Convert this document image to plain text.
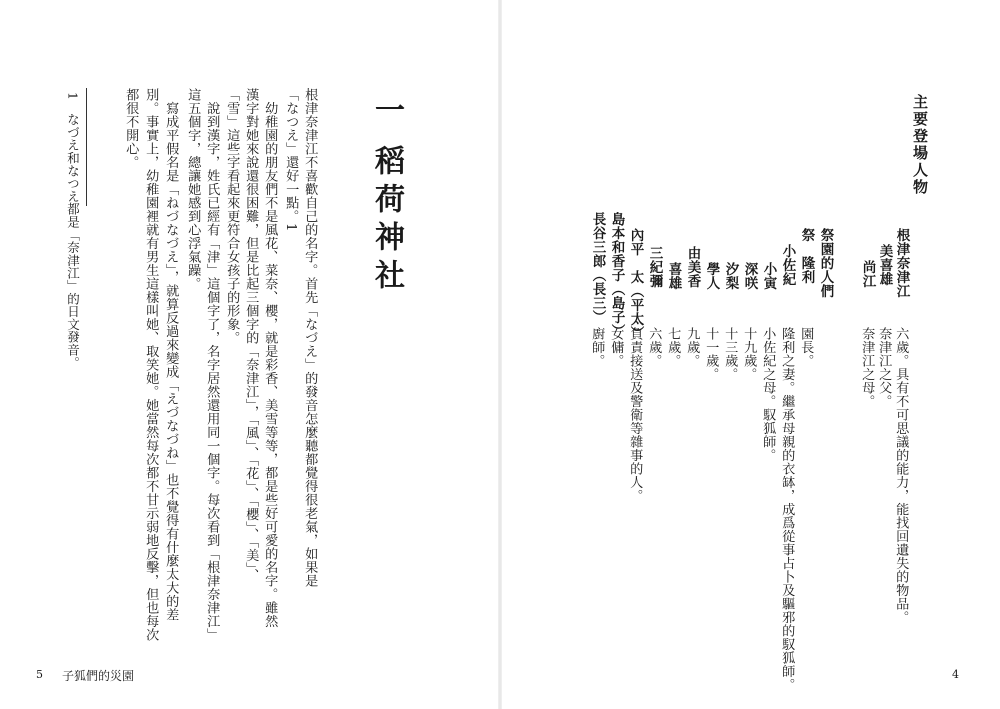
主要登場人物
根津奈津江
美喜雄
尚江
祭園的人們
祭　隆利
小佐紀
小寅
深咲
汐梨
學人
由美香
喜雄
三紀彌
內平　太（平太）
島本和香子（島子）
長谷三郎（長三）
六歲。具有不可思議的能力，能找回遺失的物品。
奈津江之父。
奈津江之母。
園長。
隆利之妻。繼承母親的衣缽，成爲從事占卜及驅邪的馭狐師。
小佐紀之母。馭狐師。
十九歲。
十三歲。
十一歲。
九歲。
七歲。
六歲。
負責接送及警衛等雜事的人。
女傭。
廚師。
4
一
稻荷神社
根津奈津江不喜歡自己的名字。首先「なづえ」的發音怎麼聽都覺得很老氣，如果是
「なつえ」還好一點。1
　幼稚園的朋友們不是風花、菜奈、櫻，就是彩香、美雪等等，都是些好可愛的名字。雖然
漢字對她來說還很困難，但是比起三個字的「奈津江」，「風」、「花」、「櫻」、「美」、
「雪」這些字看起來更符合女孩子的形象。
　說到漢字，姓氏已經有「津」這個字了，名字居然還用同一個字。每次看到「根津奈津江」
這五個字，總讓她感到心浮氣躁。
　寫成平假名是「ねづなづえ」，就算反過來變成「えづなづね」也不覺得有什麼太大的差
別。事實上，幼稚園裡就有男生這樣叫她、取笑她。她當然每次都不甘示弱地反擊，但也每次
都很不開心。
1　なづえ和なつえ都是「奈津江」的日文發音。
5 子狐們的災園
